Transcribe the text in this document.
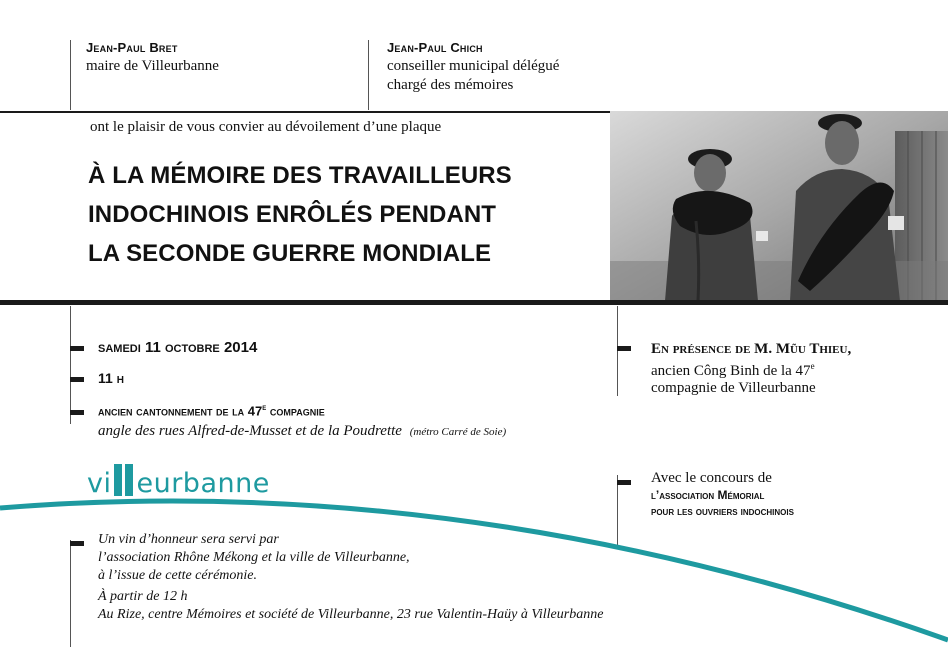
Jean-Paul Bret
maire de Villeurbanne
Jean-Paul Chich
conseiller municipal délégué
chargé des mémoires
ont le plaisir de vous convier au dévoilement d’une plaque
À LA MÉMOIRE DES TRAVAILLEURS
INDOCHINOIS ENRÔLÉS PENDANT
LA SECONDE GUERRE MONDIALE
samedi 11 octobre 2014
11 h
ancien cantonnement de la 47e compagnie
angle des rues Alfred-de-Musset et de la Poudrette (métro Carré de Soie)
En présence de M. Mũu Thieu,
ancien Công Binh de la 47e
compagnie de Villeurbanne
vi eurbanne	Avec le concours de
l’association Mémorial
pour les ouvriers indochinois
Un vin d’honneur sera servi par
l’association Rhône Mékong et la ville de Villeurbanne,
à l’issue de cette cérémonie.
À partir de 12 h
Au Rize, centre Mémoires et société de Villeurbanne, 23 rue Valentin-Haüy à Villeurbanne
